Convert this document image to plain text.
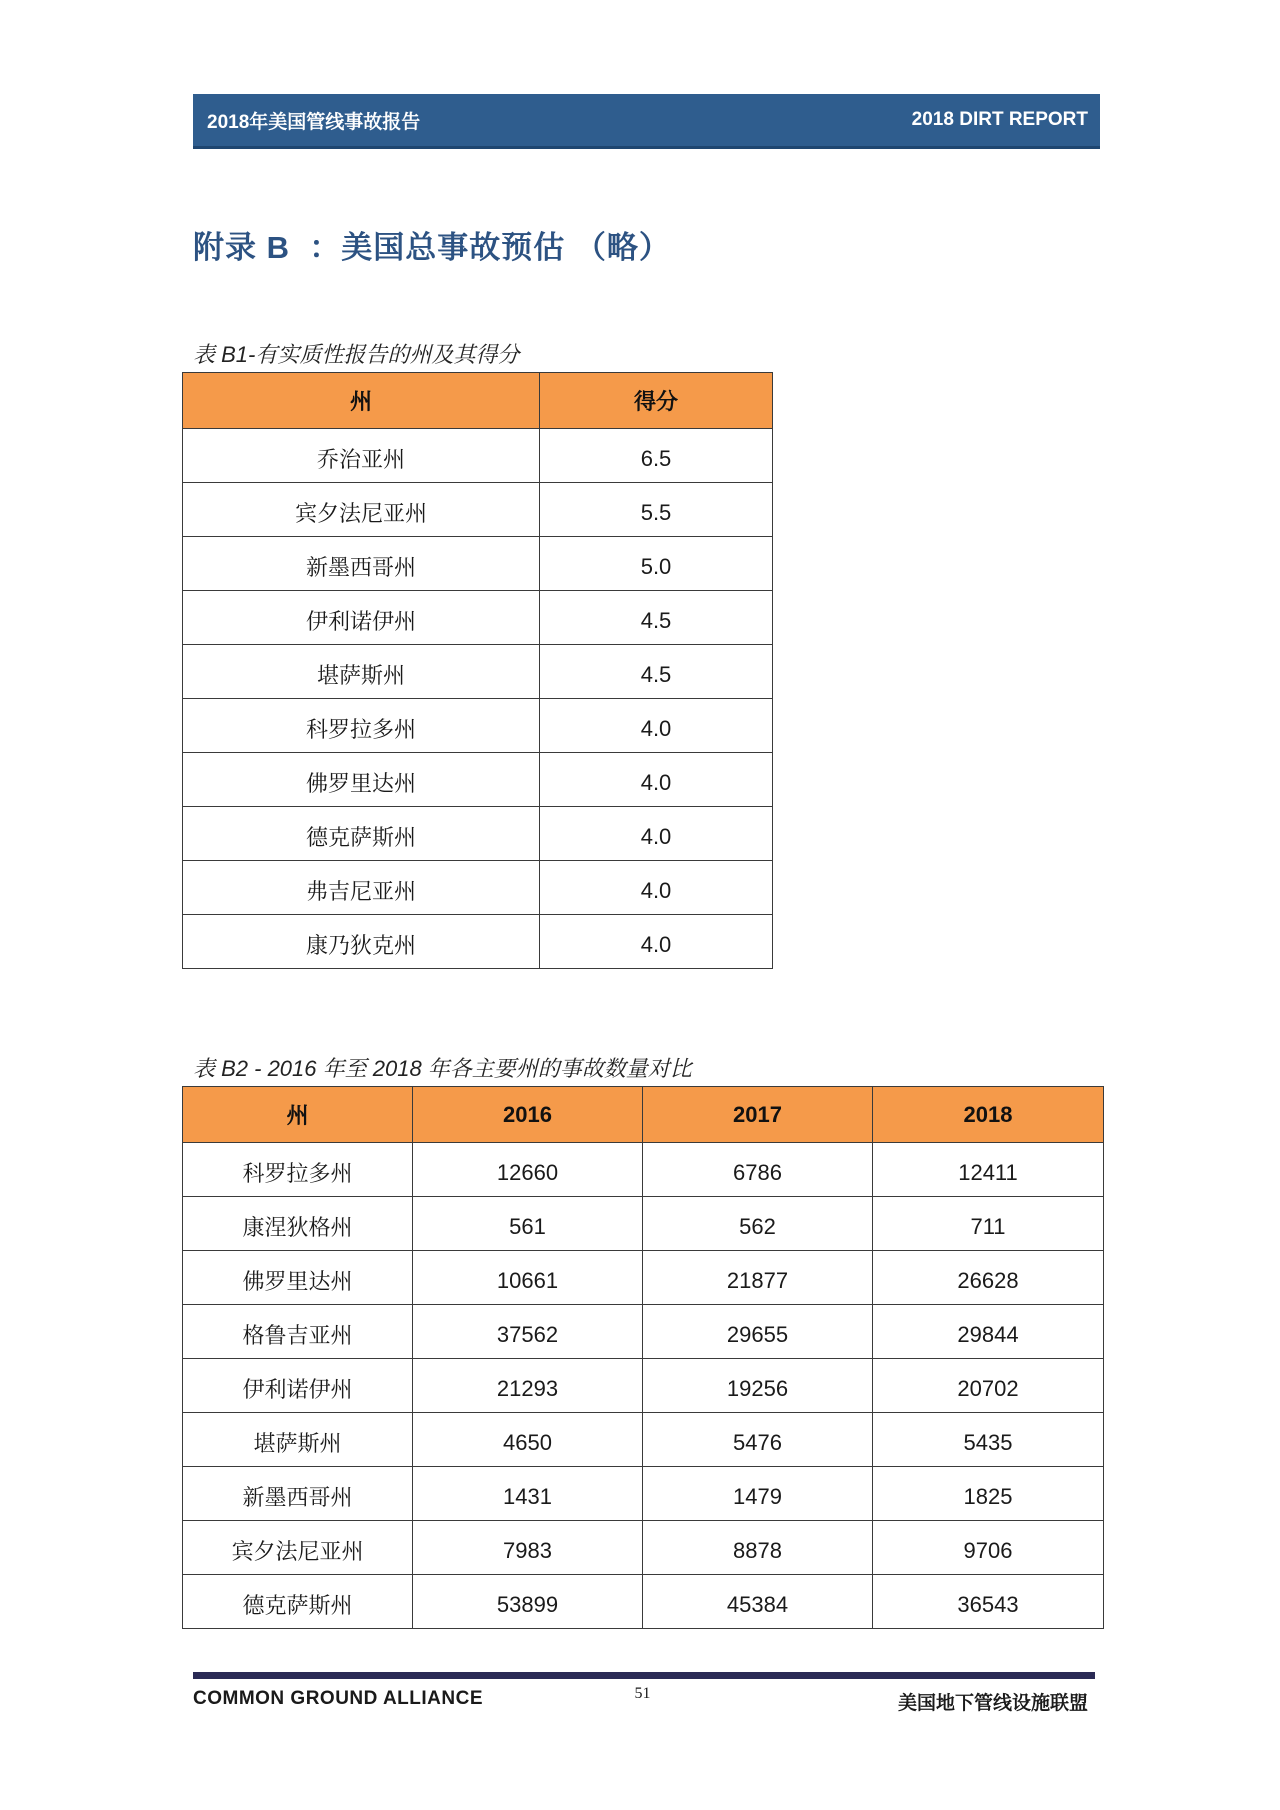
2018年美国管线事故报告	2018 DIRT REPORT
附录 B  ：美国总事故预估 （略）
表 B1-有实质性报告的州及其得分
州	得分
乔治亚州	6.5
宾夕法尼亚州	5.5
新墨西哥州	5.0
伊利诺伊州	4.5
堪萨斯州	4.5
科罗拉多州	4.0
佛罗里达州	4.0
德克萨斯州	4.0
弗吉尼亚州	4.0
康乃狄克州	4.0
表 B2 - 2016 年至 2018 年各主要州的事故数量对比
州	2016	2017	2018
科罗拉多州	12660	6786	12411
康涅狄格州	561	562	711
佛罗里达州	10661	21877	26628
格鲁吉亚州	37562	29655	29844
伊利诺伊州	21293	19256	20702
堪萨斯州	4650	5476	5435
新墨西哥州	1431	1479	1825
宾夕法尼亚州	7983	8878	9706
德克萨斯州	53899	45384	36543
COMMON GROUND ALLIANCE	51	美国地下管线设施联盟
